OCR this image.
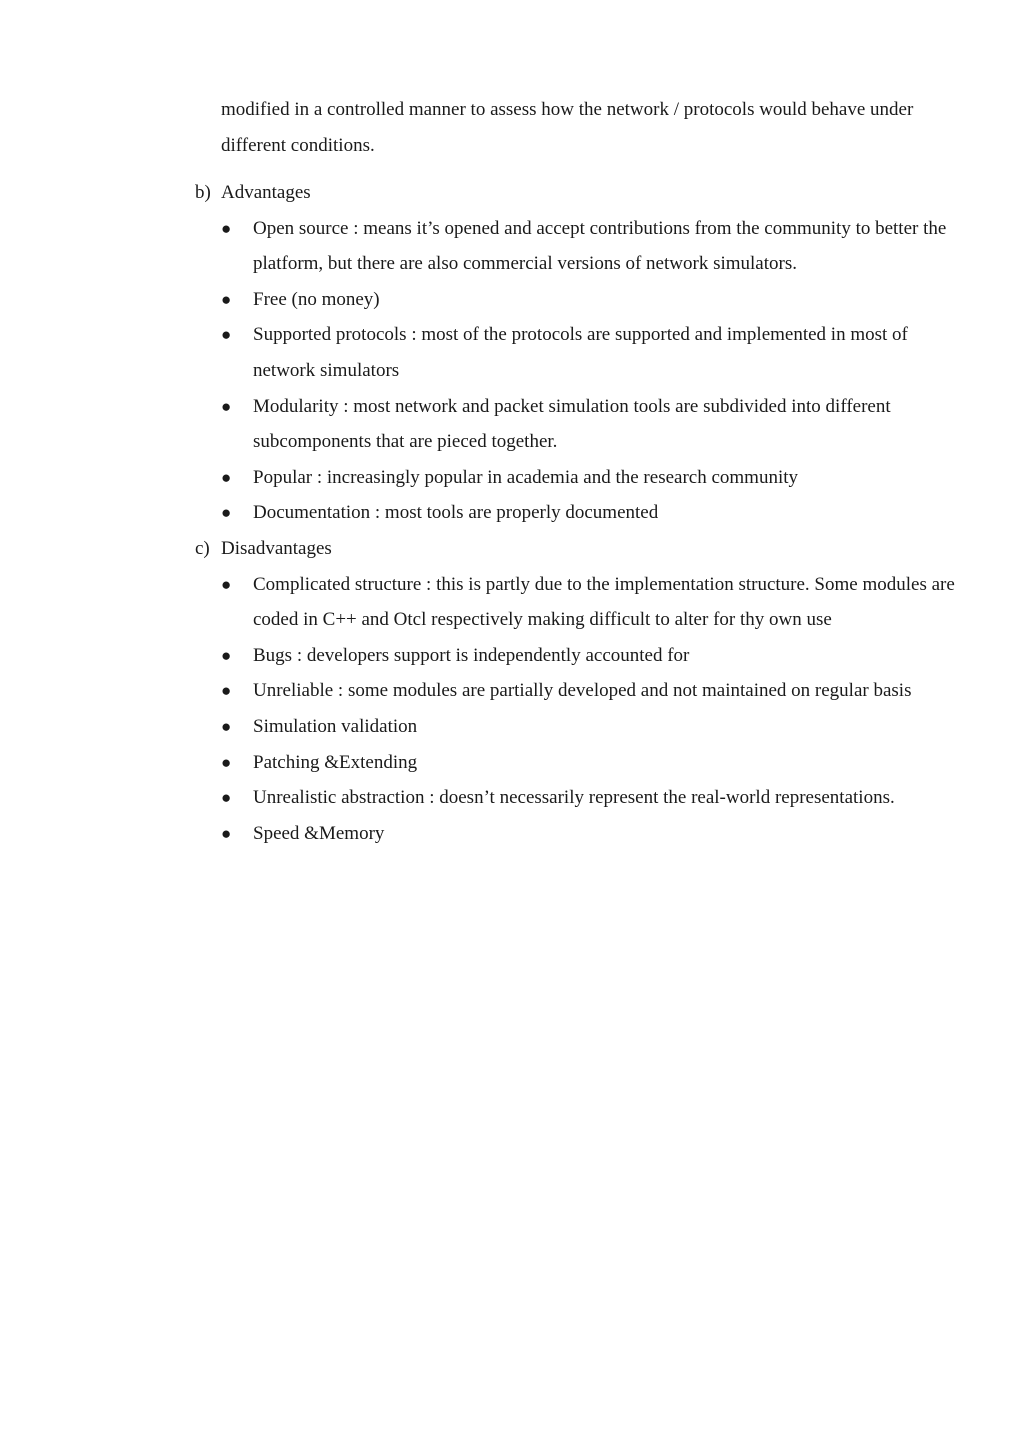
modified in a controlled manner to assess how the network / protocols would behave under different conditions.

b) Advantages
●	Open source : means it’s opened and accept contributions from the community to better the platform, but there are also commercial versions of network simulators.
●	Free (no money)
●	Supported protocols : most of the protocols are supported and implemented in most of network simulators
●	Modularity : most network and packet simulation tools are subdivided into different subcomponents that are pieced together.
●	Popular : increasingly popular in academia and the research community
●	Documentation : most tools are properly documented
c) Disadvantages
●	Complicated structure : this is partly due to the implementation structure. Some modules are coded in C++ and Otcl respectively making difficult to alter for thy own use
●	Bugs : developers support is independently accounted for
●	Unreliable : some modules are partially developed and not maintained on regular basis
●	Simulation validation
●	Patching &Extending
●	Unrealistic abstraction : doesn’t necessarily represent the real-world representations.
●	Speed &Memory
